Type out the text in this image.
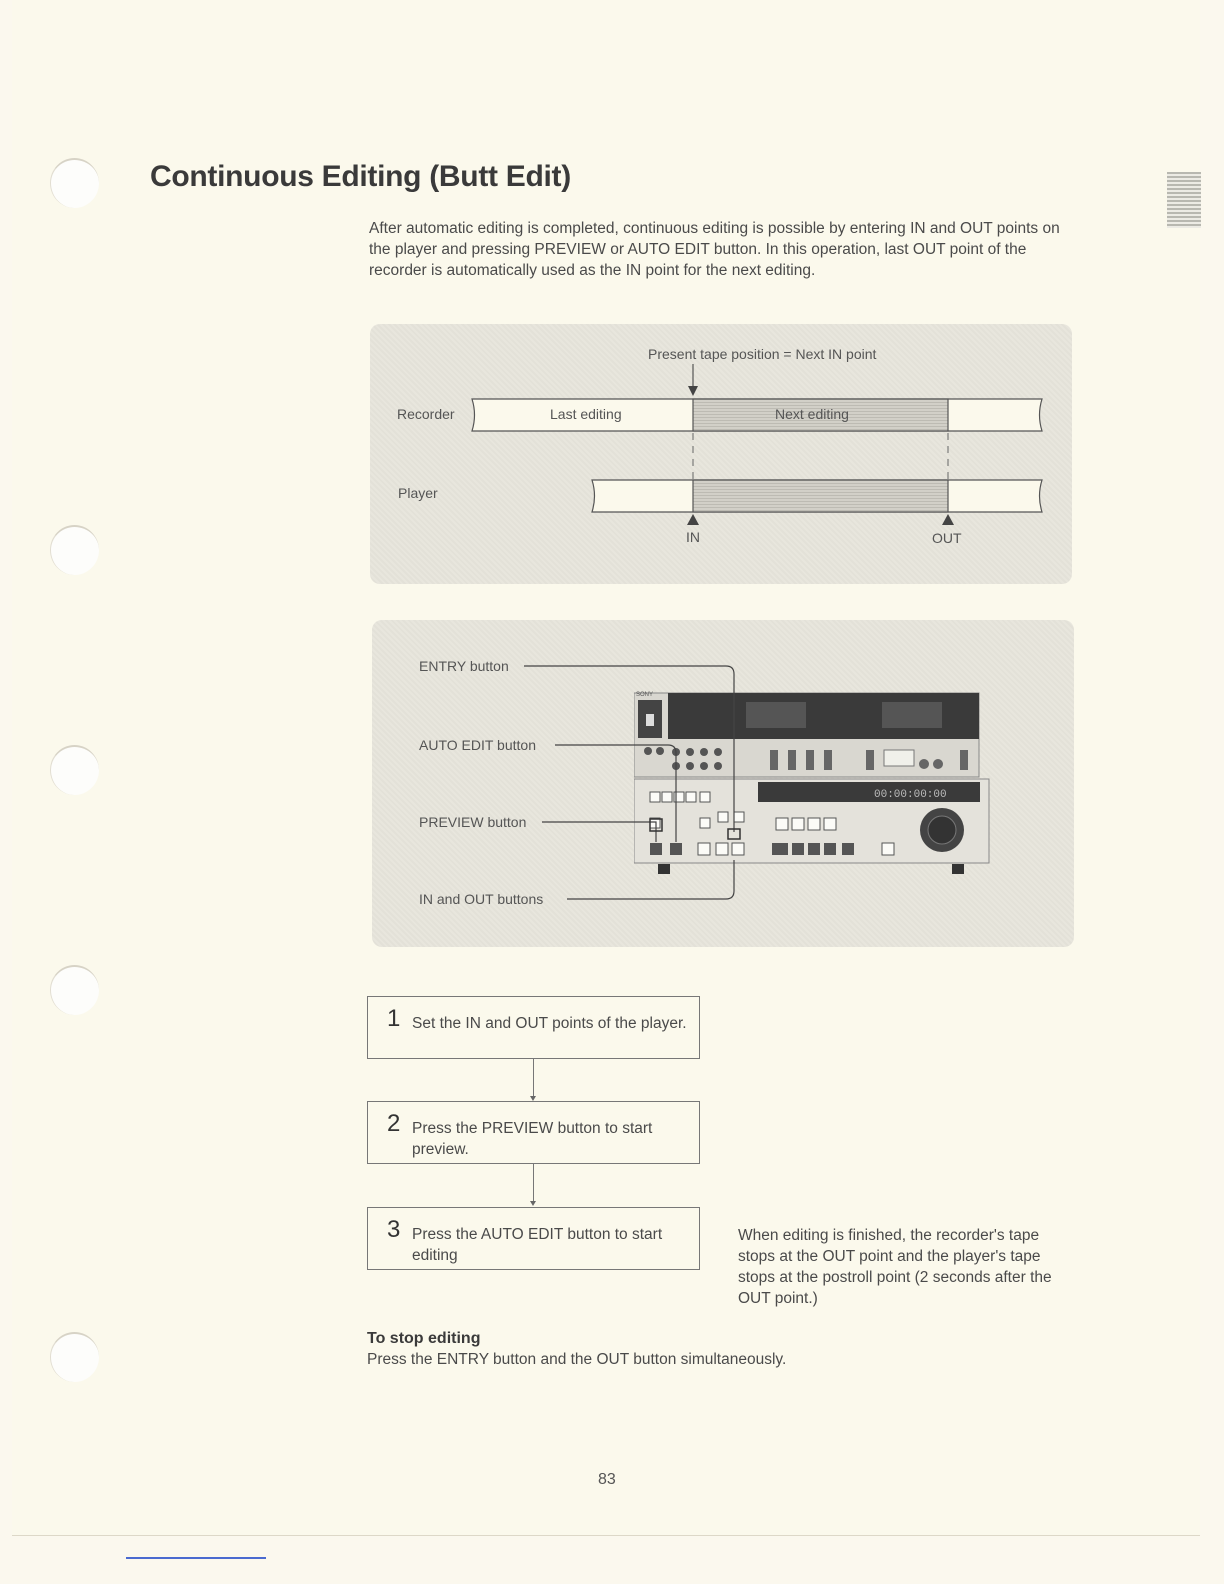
Continuous Editing (Butt Edit)

After automatic editing is completed, continuous editing is possible by entering IN and OUT points on the player and pressing PREVIEW or AUTO EDIT button. In this operation, last OUT point of the recorder is automatically used as the IN point for the next editing.

Present tape position = Next IN point
Recorder	Last editing	Next editing
Player
IN	OUT
ENTRY button
AUTO EDIT button
PREVIEW button
IN and OUT buttons
SONY
00:00:00:00
1 Set the IN and OUT points of the player.
2 Press the PREVIEW button to start preview.
3 Press the AUTO EDIT button to start editing
When editing is finished, the recorder's tape stops at the OUT point and the player's tape stops at the postroll point (2 seconds after the OUT point.)
To stop editing
Press the ENTRY button and the OUT button simultaneously.
83
